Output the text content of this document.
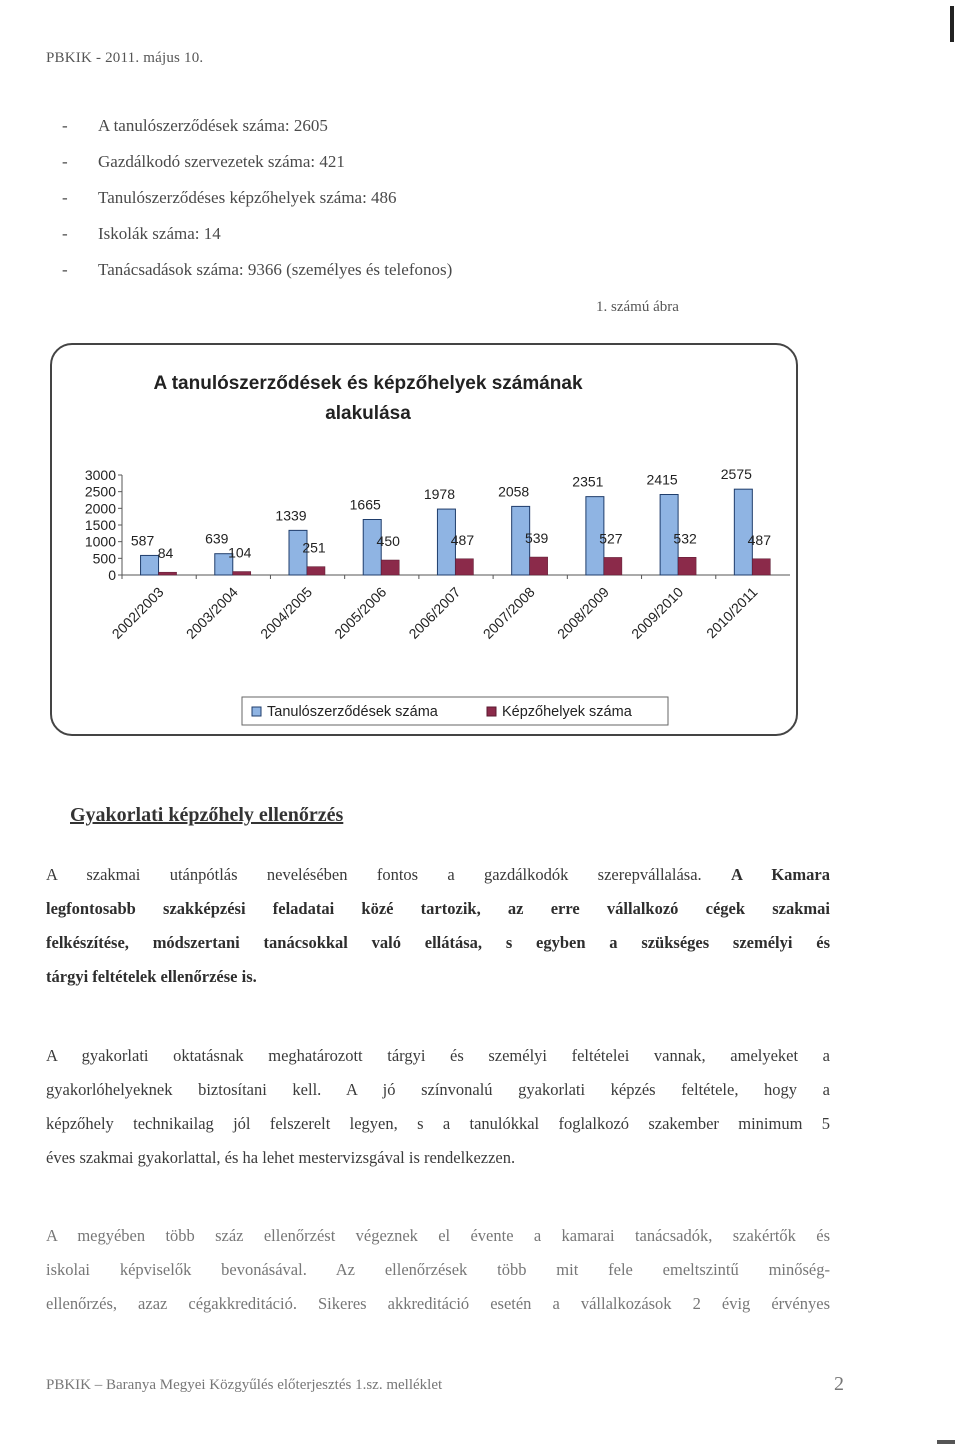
PBKIK - 2011. május 10.
-	A tanulószerződések száma: 2605
-	Gazdálkodó szervezetek száma: 421
-	Tanulószerződéses képzőhelyek száma: 486
-	Iskolák száma: 14
-	Tanácsadások száma: 9366 (személyes és telefonos)
1. számú ábra
A tanulószerződések és képzőhelyek számának alakulása
0
500
1000
1500
2000
2500
3000
587
84
2002/2003
639
104
2003/2004
1339
251
2004/2005
1665
450
2005/2006
1978
487
2006/2007
2058
539
2007/2008
2351
527
2008/2009
2415
532
2009/2010
2575
487
2010/2011
Tanulószerződések száma	Képzőhelyek száma
Gyakorlati képzőhely ellenőrzés
A szakmai utánpótlás nevelésében fontos a gazdálkodók szerepvállalása. A Kamara
legfontosabb szakképzési feladatai közé tartozik, az erre vállalkozó cégek szakmai
felkészítése, módszertani tanácsokkal való ellátása, s egyben a szükséges személyi és
tárgyi feltételek ellenőrzése is.
A gyakorlati oktatásnak meghatározott tárgyi és személyi feltételei vannak, amelyeket a
gyakorlóhelyeknek biztosítani kell. A jó színvonalú gyakorlati képzés feltétele, hogy a
képzőhely technikailag jól felszerelt legyen, s a tanulókkal foglalkozó szakember minimum 5
éves szakmai gyakorlattal, és ha lehet mestervizsgával is rendelkezzen.
A megyében több száz ellenőrzést végeznek el évente a kamarai tanácsadók, szakértők és
iskolai képviselők bevonásával. Az ellenőrzések több mit fele emeltszintű minőség-
ellenőrzés, azaz cégakkreditáció. Sikeres akkreditáció esetén a vállalkozások 2 évig érvényes
PBKIK – Baranya Megyei Közgyűlés előterjesztés 1.sz. melléklet	2
